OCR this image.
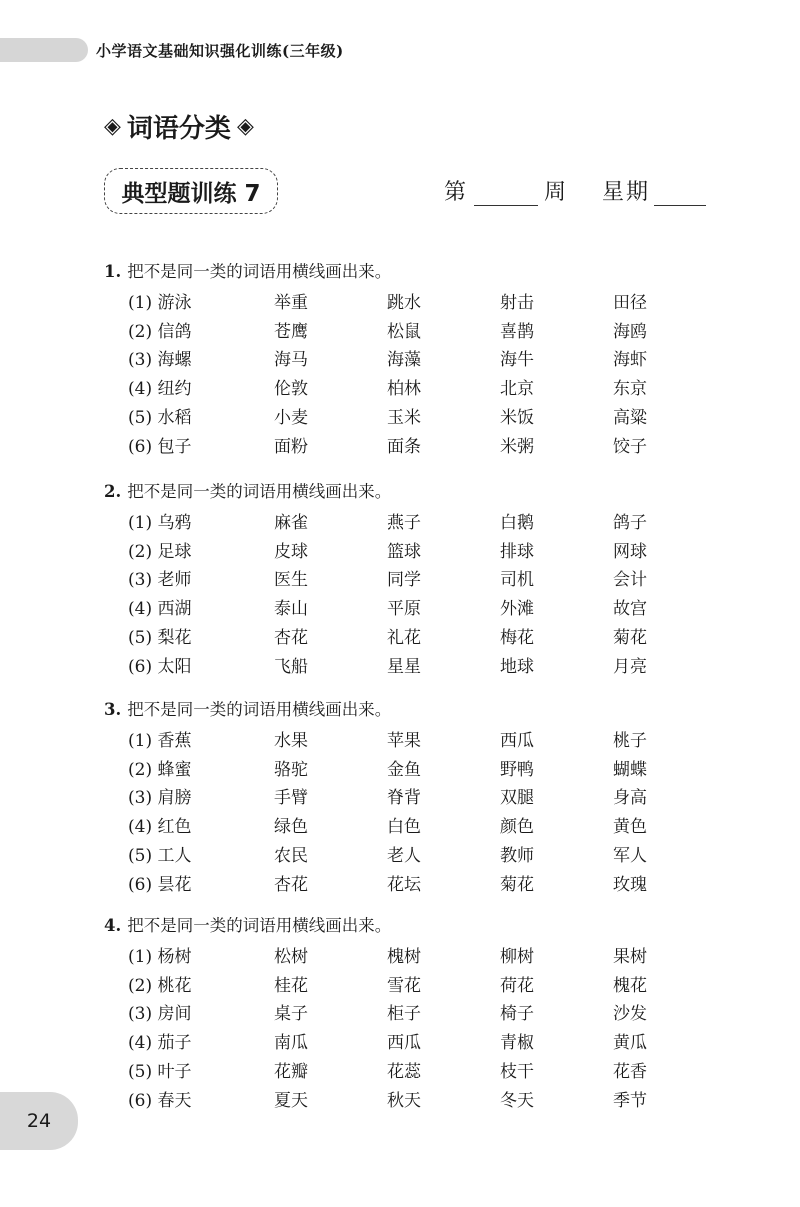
小学语文基础知识强化训练(三年级)
◈ 词语分类 ◈
典型题训练 7	第	周 星期
1. 把不是同一类的词语用横线画出来。
(1) 游泳	举重	跳水	射击	田径
(2) 信鸽	苍鹰	松鼠	喜鹊	海鸥
(3) 海螺	海马	海藻	海牛	海虾
(4) 纽约	伦敦	柏林	北京	东京
(5) 水稻	小麦	玉米	米饭	高粱
(6) 包子	面粉	面条	米粥	饺子
2. 把不是同一类的词语用横线画出来。
(1) 乌鸦	麻雀	燕子	白鹅	鸽子
(2) 足球	皮球	篮球	排球	网球
(3) 老师	医生	同学	司机	会计
(4) 西湖	泰山	平原	外滩	故宫
(5) 梨花	杏花	礼花	梅花	菊花
(6) 太阳	飞船	星星	地球	月亮
3. 把不是同一类的词语用横线画出来。
(1) 香蕉	水果	苹果	西瓜	桃子
(2) 蜂蜜	骆驼	金鱼	野鸭	蝴蝶
(3) 肩膀	手臂	脊背	双腿	身高
(4) 红色	绿色	白色	颜色	黄色
(5) 工人	农民	老人	教师	军人
(6) 昙花	杏花	花坛	菊花	玫瑰
4. 把不是同一类的词语用横线画出来。
(1) 杨树	松树	槐树	柳树	果树
(2) 桃花	桂花	雪花	荷花	槐花
(3) 房间	桌子	柜子	椅子	沙发
(4) 茄子	南瓜	西瓜	青椒	黄瓜
(5) 叶子	花瓣	花蕊	枝干	花香
(6) 春天	夏天	秋天	冬天	季节
24
